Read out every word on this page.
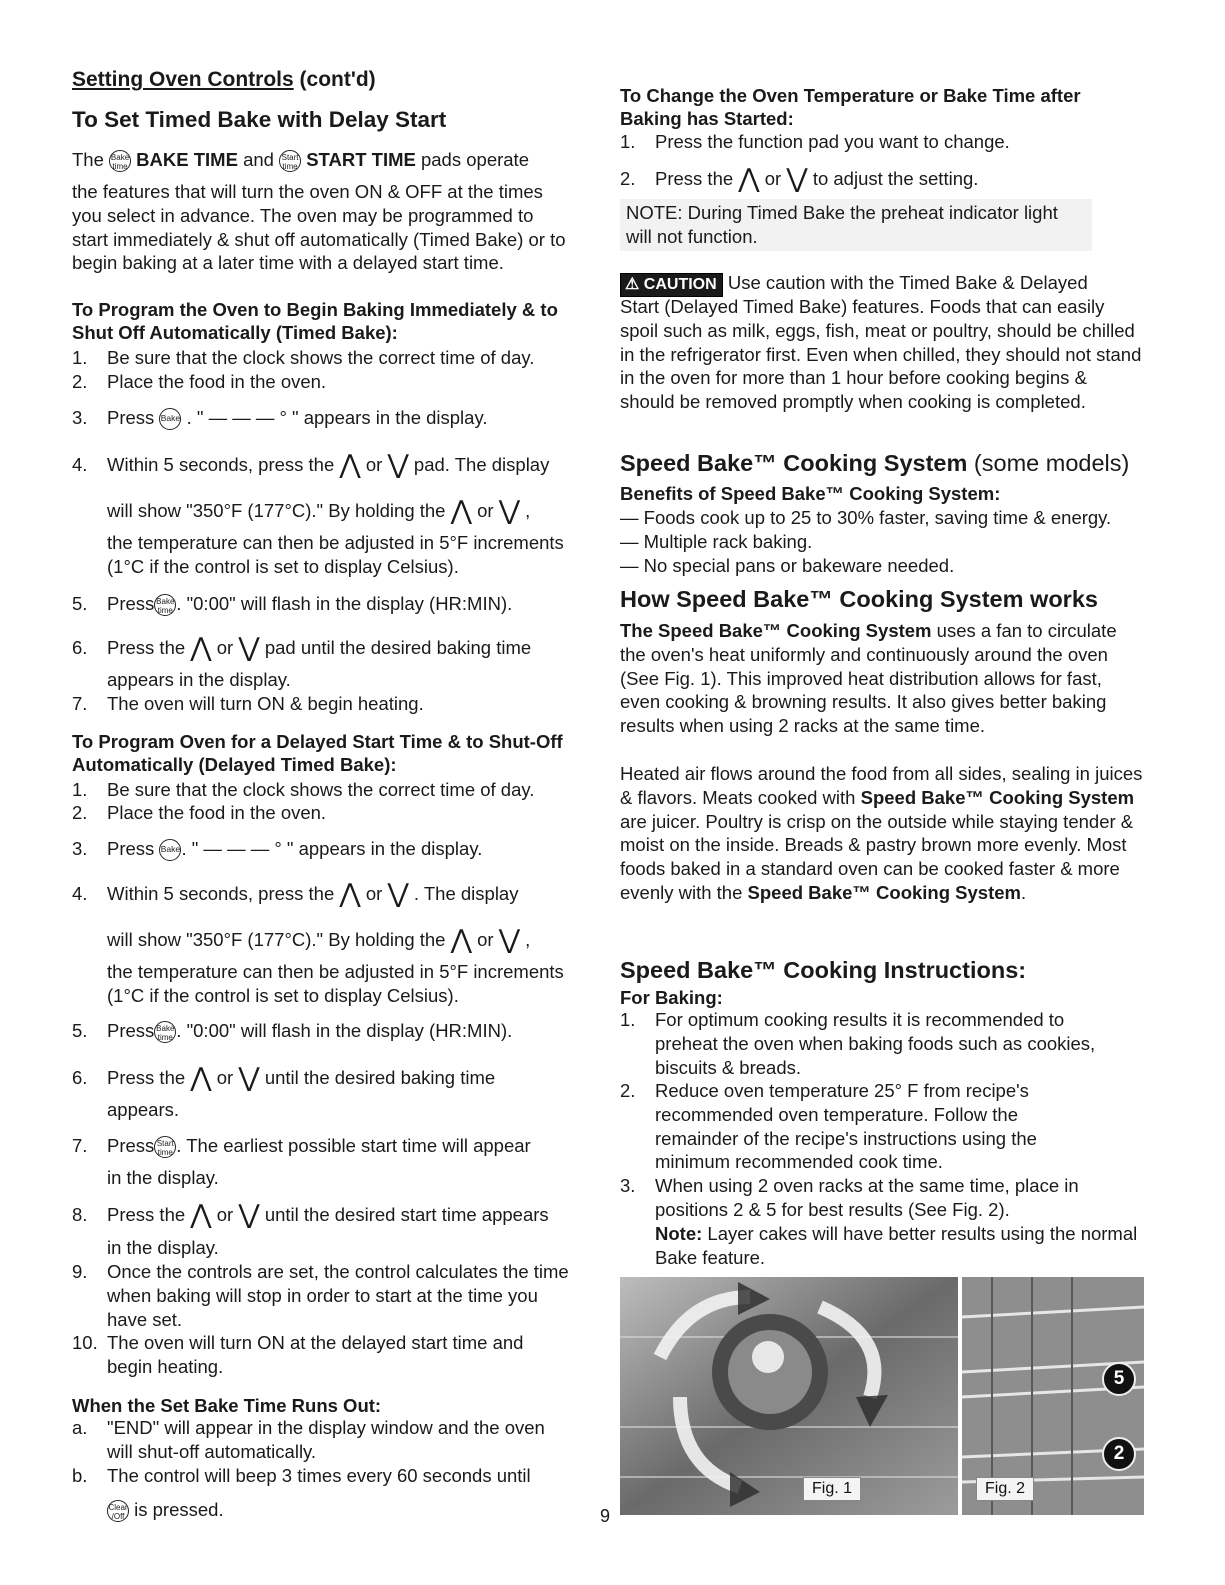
Setting Oven Controls (cont'd)
To Set Timed Bake with Delay Start
The Bake
time BAKE TIME and Start
time START TIME pads operate
the features that will turn the oven ON & OFF at the times you select in advance. The oven may be programmed to start immediately & shut off automatically (Timed Bake) or to begin baking at a later time with a delayed start time.
To Program the Oven to Begin Baking Immediately & to Shut Off Automatically (Timed Bake):
1.	Be sure that the clock shows the correct time of day.
2.	Place the food in the oven.
3.	Press Bake . " — — — ° " appears in the display.
4.	Within 5 seconds, press the ⋀ or ⋁ pad. The display
will show "350°F (177°C)." By holding the ⋀ or ⋁ ,
the temperature can then be adjusted in 5°F increments (1°C if the control is set to display Celsius).
5.	Press Bake
time . "0:00" will flash in the display (HR:MIN).
6.	Press the ⋀ or ⋁ pad until the desired baking time
appears in the display.
7.	The oven will turn ON & begin heating.
To Program Oven for a Delayed Start Time & to Shut-Off Automatically (Delayed Timed Bake):
1.	Be sure that the clock shows the correct time of day.
2.	Place the food in the oven.
3.	Press Bake. " — — — ° " appears in the display.
4.	Within 5 seconds, press the ⋀ or ⋁ . The display
will show "350°F (177°C)." By holding the ⋀ or ⋁ ,
the temperature can then be adjusted in 5°F increments (1°C if the control is set to display Celsius).
5.	Press Bake
time . "0:00" will flash in the display (HR:MIN).
6.	Press the ⋀ or ⋁ until the desired baking time
appears.
7.	Press Start
time . The earliest possible start time will appear
in the display.
8.	Press the ⋀ or ⋁ until the desired start time appears
in the display.
9.	Once the controls are set, the control calculates the time when baking will stop in order to start at the time you have set.
10. The oven will turn ON at the delayed start time and begin heating.
When the Set Bake Time Runs Out:
a.	"END" will appear in the display window and the oven will shut-off automatically.
b.	The control will beep 3 times every 60 seconds until
Clear
/Off is pressed.
To Change the Oven Temperature or Bake Time after Baking has Started:
1.	Press the function pad you want to change.
2.	Press the ⋀ or ⋁ to adjust the setting.
NOTE: During Timed Bake the preheat indicator light will not function.
⚠ CAUTION Use caution with the Timed Bake & Delayed
Start (Delayed Timed Bake) features. Foods that can easily spoil such as milk, eggs, fish, meat or poultry, should be chilled in the refrigerator first. Even when chilled, they should not stand in the oven for more than 1 hour before cooking begins & should be removed promptly when cooking is completed.
Speed Bake™ Cooking System (some models)
Benefits of Speed Bake™ Cooking System:
— Foods cook up to 25 to 30% faster, saving time & energy.
— Multiple rack baking.
— No special pans or bakeware needed.
How Speed Bake™ Cooking System works
The Speed Bake™ Cooking System uses a fan to circulate the oven's heat uniformly and continuously around the oven (See Fig. 1). This improved heat distribution allows for fast, even cooking & browning results. It also gives better baking results when using 2 racks at the same time.
Heated air flows around the food from all sides, sealing in juices & flavors. Meats cooked with Speed Bake™ Cooking System are juicer. Poultry is crisp on the outside while staying tender & moist on the inside. Breads & pastry brown more evenly. Most foods baked in a standard oven can be cooked faster & more evenly with the Speed Bake™ Cooking System.
Speed Bake™ Cooking Instructions:
For Baking:
1.	For optimum cooking results it is recommended to preheat the oven when baking foods such as cookies, biscuits & breads.
2.	Reduce oven temperature 25° F from recipe's recommended oven temperature. Follow the remainder of the recipe's instructions using the minimum recommended cook time.
3.	When using 2 oven racks at the same time, place in positions 2 & 5 for best results (See Fig. 2).
Note: Layer cakes will have better results using the normal Bake feature.
Fig. 1
5
2
Fig. 2
9
